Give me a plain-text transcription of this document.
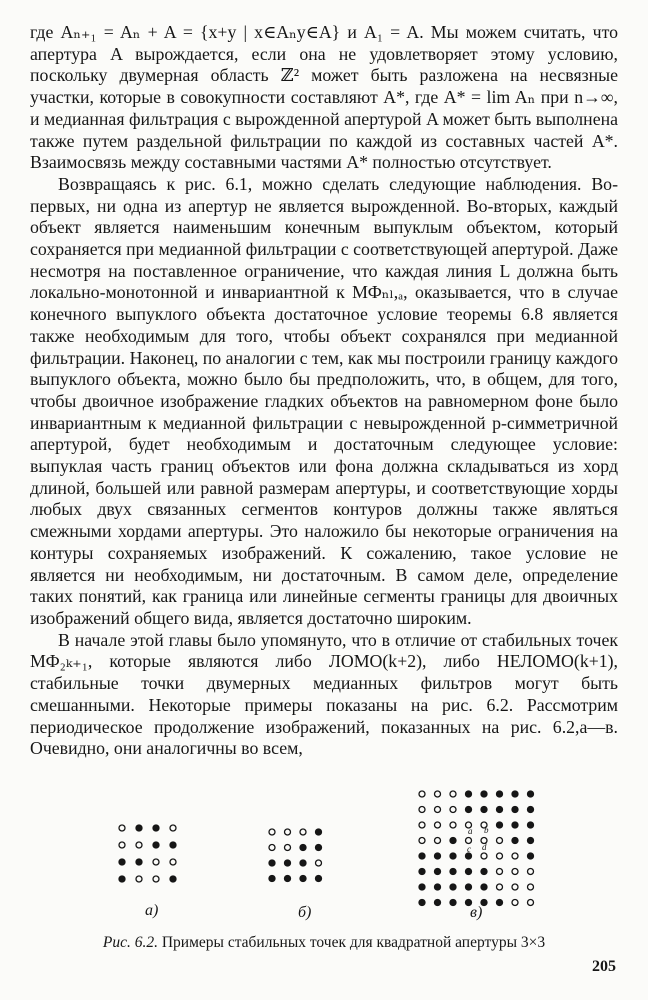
где Aₙ₊₁ = Aₙ + A = {x+y | x∈Aₙy∈A} и A₁ = A. Мы можем считать, что апертура A вырождается, если она не удовлетворяет этому условию, поскольку двумерная область ℤ² может быть разложена на несвязные участки, которые в совокупности составляют A*, где A* = lim Aₙ при n→∞, и медианная фильтрация с вырожденной апертурой A может быть выполнена также путем раздельной фильтрации по каждой из составных частей A*. Взаимосвязь между составными частями A* полностью отсутствует.

Возвращаясь к рис. 6.1, можно сделать следующие наблюдения. Во-первых, ни одна из апертур не является вырожденной. Во-вторых, каждый объект является наименьшим конечным выпуклым объектом, который сохраняется при медианной фильтрации с соответствующей апертурой. Даже несмотря на поставленное ограничение, что каждая линия L должна быть локально-монотонной и инвариантной к МФₙₗ,ₐ, оказывается, что в случае конечного выпуклого объекта достаточное условие теоремы 6.8 является также необходимым для того, чтобы объект сохранялся при медианной фильтрации. Наконец, по аналогии с тем, как мы построили границу каждого выпуклого объекта, можно было бы предположить, что, в общем, для того, чтобы двоичное изображение гладких объектов на равномерном фоне было инвариантным к медианной фильтрации с невырожденной p-симметричной апертурой, будет необходимым и достаточным следующее условие: выпуклая часть границ объектов или фона должна складываться из хорд длиной, большей или равной размерам апертуры, и соответствующие хорды любых двух связанных сегментов контуров должны также являться смежными хордами апертуры. Это наложило бы некоторые ограничения на контуры сохраняемых изображений. К сожалению, такое условие не является ни необходимым, ни достаточным. В самом деле, определение таких понятий, как граница или линейные сегменты границы для двоичных изображений общего вида, является достаточно широким.

В начале этой главы было упомянуто, что в отличие от стабильных точек МФ₂ₖ₊₁, которые являются либо ЛОМО(k+2), либо НЕЛОМО(k+1), стабильные точки двумерных медианных фильтров могут быть смешанными. Некоторые примеры показаны на рис. 6.2. Рассмотрим периодическое продолжение изображений, показанных на рис. 6.2,а—в. Очевидно, они аналогичны во всем,

а)	б)
a b
c d
в)
Рис. 6.2. Примеры стабильных точек для квадратной апертуры 3×3
205
